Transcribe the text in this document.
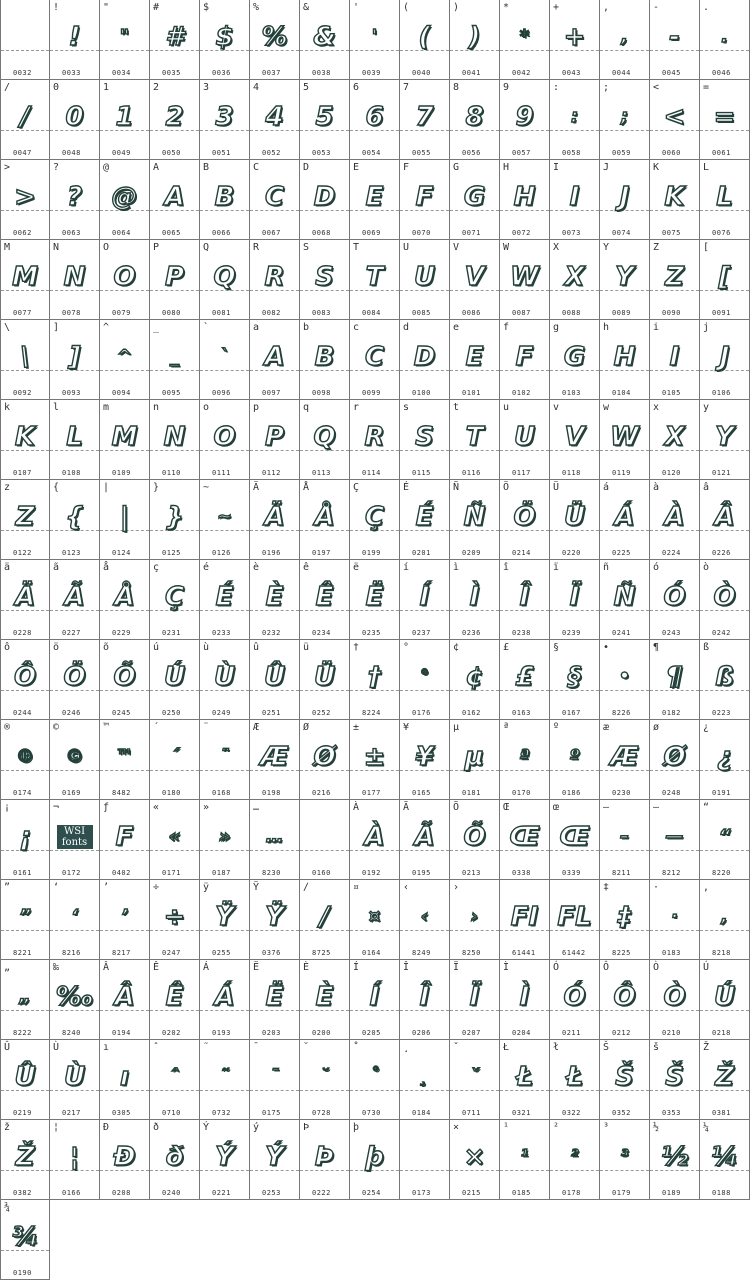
0032
!
!
0033
"
"
0034
#
#
0035
$
$
0036
%
%
0037
&
&
0038
'
'
0039
(
(
0040
)
)
0041
*
*
0042
+
+
0043
,
,
0044
-
-
0045
.
.
0046
/
/
0047
0
0
0048
1
1
0049
2
2
0050
3
3
0051
4
4
0052
5
5
0053
6
6
0054
7
7
0055
8
8
0056
9
9
0057
:
:
0058
;
;
0059
<
<
0060
=
=
0061
>
>
0062
?
?
0063
@
@
0064
A
A
0065
B
B
0066
C
C
0067
D
D
0068
E
E
0069
F
F
0070
G
G
0071
H
H
0072
I
I
0073
J
J
0074
K
K
0075
L
L
0076
M
M
0077
N
N
0078
O
O
0079
P
P
0080
Q
Q
0081
R
R
0082
S
S
0083
T
T
0084
U
U
0085
V
V
0086
W
W
0087
X
X
0088
Y
Y
0089
Z
Z
0090
[
[
0091
\
\
0092
]
]
0093
^
^
0094
_
_
0095
`
`
0096
a
A
0097
b
B
0098
c
C
0099
d
D
0100
e
E
0101
f
F
0102
g
G
0103
h
H
0104
i
I
0105
j
J
0106
k
K
0107
l
L
0108
m
M
0109
n
N
0110
o
O
0111
p
P
0112
q
Q
0113
r
R
0114
s
S
0115
t
T
0116
u
U
0117
v
V
0118
w
W
0119
x
X
0120
y
Y
0121
z
Z
0122
{
{
0123
|
|
0124
}
}
0125
~
~
0126
Ä
Ä
0196
Å
Å
0197
Ç
Ç
0199
É
É
0201
Ñ
Ñ
0209
Ö
Ö
0214
Ü
Ü
0220
á
Á
0225
à
À
0224
â
Â
0226
ä
Ä
0228
ã
Ã
0227
å
Å
0229
ç
Ç
0231
é
É
0233
è
È
0232
ê
Ê
0234
ë
Ë
0235
í
Í
0237
ì
Ì
0236
î
Î
0238
ï
Ï
0239
ñ
Ñ
0241
ó
Ó
0243
ò
Ò
0242
ô
Ô
0244
ö
Ö
0246
õ
Õ
0245
ú
Ú
0250
ù
Ù
0249
û
Û
0251
ü
Ü
0252
†
†
8224
°
°
0176
¢
¢
0162
£
£
0163
§
§
0167
•
•
8226
¶
¶
0182
ß
ß
0223
®
®
0174
©
©
0169
™
™
8482
´
´
0180
¨
¨
0168
Æ
Æ
0198
Ø
Ø
0216
±
±
0177
¥
¥
0165
µ
µ
0181
ª
ª
0170
º
º
0186
æ
Æ
0230
ø
Ø
0248
¿
¿
0191
¡
¡
0161
¬
WSI
fonts
0172
ƒ
F
0402
«
«
0171
»
»
0187
…
…
8230	0160
À
À
0192
Ã
Ã
0195
Õ
Õ
0213
Œ
Œ
0338
œ
Œ
0339
–
–
8211
—
—
8212
“
“
8220
”
”
8221
‘
‘
8216
’
’
8217
÷
÷
0247
ÿ
Ÿ
0255
Ÿ
Ÿ
0376
∕
/
8725
¤
¤
0164
‹
‹
8249
›
›
8250
FI
61441
FL
61442
‡
‡
8225
·
·
0183
‚
‚
8218
„
„
8222
‰
‰
8240
Â
Â
0194
Ê
Ê
0202
Á
Á
0193
Ë
Ë
0203
È
È
0200
Í
Í
0205
Î
Î
0206
Ï
Ï
0207
Ì
Ì
0204
Ó
Ó
0211
Ô
Ô
0212
Ò
Ò
0210
Ú
Ú
0218
Û
Û
0219
Ù
Ù
0217
ı
ı
0305
ˆ
ˆ
0710
˜
˜
0732
¯
¯
0175
˘
˘
0728
˚
˚
0730
¸
¸
0184
ˇ
ˇ
0711
Ł
Ł
0321
ł
Ł
0322
Š
Š
0352
š
Š
0353
Ž
Ž
0381
ž
Ž
0382
¦
¦
0166
Ð
Ð
0208
ð
ð
0240
Ý
Ý
0221
ý
Ý
0253
Þ
Þ
0222
þ
þ
0254	0173
×
×
0215
¹
¹
0185
²
²
0178
³
³
0179
½
½
0189
¼
¼
0188
¾
¾
0190
